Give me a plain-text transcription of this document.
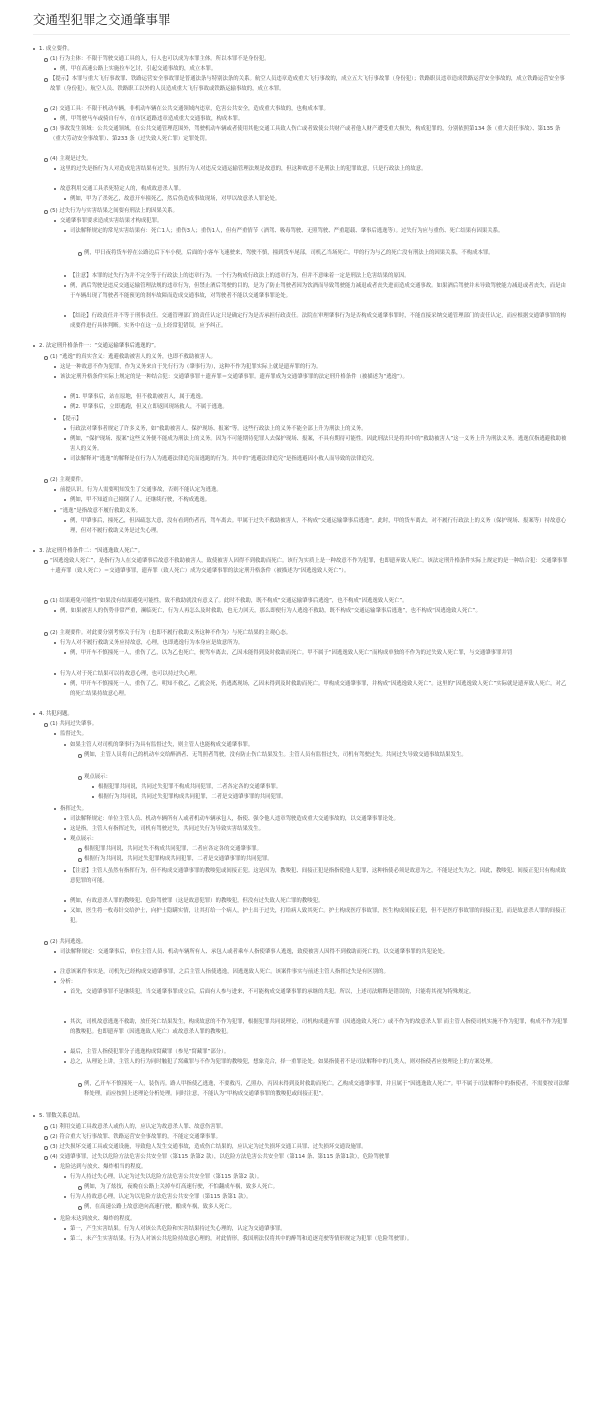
交通型犯罪之交通肇事罪
1. 成立要件。
(1) 行为主体：不限于驾驶交通工具的人，行人也可以成为本罪主体。所以本罪不是身份犯。
例，甲在高速公路上实施拉车乞讨，引起交通事故的，成立本罪。
【提示】本罪与重大飞行事故罪、铁路运营安全事故罪是普通法条与特别法条的关系。航空人员违章造成重大飞行事故的，成立五大飞行事故罪（身份犯）；铁路职员违章造成铁路运营安全事故的，成立铁路运营安全事故罪（身份犯）。航空人员、铁路职工以外的人员造成重大飞行事故或铁路运输事故的，成立本罪。
(2) 交通工具：不限于机动车辆，非机动车辆在公共交通领域内违章，危害公共安全，造成重大事故的，也构成本罪。
例，甲驾驶马车或骑自行车，在市区道路违章造成重大交通事故，构成本罪。
(3) 事故发生领域：公共交通领域。在公共交通管理范围外，驾驶机动车辆或者使用其他交通工具致人伤亡或者致使公共财产或者他人财产遭受重大损失，构成犯罪的，分别依照第134 条（重大责任事故）、第135 条（重大劳动安全事故罪）、第233 条（过失致人死亡罪）定罪处罚。
(4) 主观是过失。
这里的过失是指行为人对造成危害结果有过失。虽然行为人对违反交通运输管理法规是故意的，但这种故意不是刑法上的犯罪故意，只是行政法上的故意。
故意利用交通工具杀死特定人的，构成故意杀人罪。
例如，甲为了杀死乙，故意开车撞死乙，然后伪造成事故现场，对甲以故意杀人罪论处。
(5) 过失行为与实害结果之间要有刑法上的因果关系。
交通肇事罪要求造成实害结果才构成犯罪。
司法解释规定的常见实害结果有：死亡1人；重伤3人；重伤1人，但有严重情节（酒驾、吸毒驾驶、无照驾驶、严重超载、肇事后逃逸等）。过失行为应与重伤、死亡结果有因果关系。
例，甲日夜将货车停在公路边后下车小便，后面的小客车飞速驶来，驾驶不慎，撞到货车尾部，司机乙当场死亡。甲的行为与乙的死亡没有刑法上的因果关系，不构成本罪。
【注意】本罪的过失行为并不完全等于行政法上的违章行为。一个行为构成行政法上的违章行为，但并不意味着一定是刑法上危害结果的原因。
例，酒后驾驶是违反交通运输管理法规的违章行为，但禁止酒后驾驶的目的，是为了防止驾驶者因为饮酒而导致驾驶能力减退或者丧失进而造成交通事故。如果酒后驾驶并未导致驾驶能力减退或者丧失，而是由于车辆出现了驾驶者不能预见的刹车故障而造成交通事故，对驾驶者不能以交通肇事罪论处。
【结论】行政责任并不等于刑事责任。交通管理部门的责任认定只是确定行为是否承担行政责任。法院在审理肇事行为是否构成交通肇事罪时，不能直接采纳交通管理部门的责任认定，而应根据交通肇事罪的构成要件进行具体判断。实务中在这一点上经常犯错误，应予纠正。
2. 法定刑升格条件一：“交通运输肇事后逃逸的”。
(1) “逃逸”的真实含义：逃避救助被害人的义务，也即不救助被害人。
这是一种故意不作为犯罪，作为义务来自于先行行为（肇事行为），这种不作为犯罪实际上就是遗弃罪的行为。
该法定刑升格条件实际上规定的是一种结合犯：交通肇事罪＋遗弃罪＝交通肇事罪。遗弃罪成为交通肇事罪的法定刑升格条件（被描述为“逃逸”）。
例1. 甲肇事后，站在原地，但不救助被害人，属于逃逸。
例2. 甲肇事后，立即逃跑，但又立即返回现场救人，不属于逃逸。
【提示】
行政法对肇事者规定了许多义务，如“救助被害人、保护现场、报案”等。这些行政法上的义务不能全部上升为刑法上的义务。
例如，“保护现场、报案”这些义务便不能成为刑法上的义务。因为不可能期待犯罪人去保护现场、报案，不具有期待可能性。因此刑法只是将其中的“救助被害人”这一义务上升为刑法义务。逃逸仅指逃避救助被害人的义务。
司法解释对“逃逸”的解释是在行为人为逃避法律追究而逃跑的行为。其中的“逃避法律追究”是指逃避因小救人而导致的法律追究。
(2) 主观要件。
前提认识。行为人需要明知发生了交通事故，否则不能认定为逃逸。
例如，甲不知道自己撞倒了人，还继续行驶，不构成逃逸。
“逃逸”是指故意不履行救助义务。
例，甲肇事后，撞死乙，但因疏忽大意，没有看到伤者丙，驾车离去。甲属于过失不救助被害人，不构成“交通运输肇事后逃逸”。此时，甲的货车离去，对不履行行政法上的义务（保护现场、报案等）持故意心理，但对不履行救助义务是过失心理。
3. 法定刑升格条件二：“因逃逸致人死亡”。
“因逃逸致人死亡”，是指行为人在交通肇事后故意不救助被害人，致使被害人因得不到救助而死亡。该行为实质上是一种故意不作为犯罪，也即遗弃致人死亡。该法定刑升格条件实际上规定的是一种结合犯：交通肇事罪＋遗弃罪（致人死亡）＝交通肇事罪，遗弃罪（致人死亡）成为交通肇事罪的法定刑升格条件（被描述为“因逃逸致人死亡”）。
(1) 结果避免可能性“如果没有结果避免可能性，致不救助就没有意义了。此时不救助，既不构成“交通运输肇事后逃逸”，也不构成“因逃逸致人死亡”。
例，如果被害人的伤势非常严重，濒临死亡，行为人再怎么及时救助，也无力回天，那么即便行为人逃逸不救助，既不构成“交通运输肇事后逃逸”，也不构成“因逃逸致人死亡”。
(2) 主观要件。对此要分别考察关于行为（也即不履行救助义务这种不作为）与死亡结果的主观心态。
行为人对不履行救助义务应持故意，心理，也即逃逸行为本身应是故意所为。
例，甲开车不慎撞死一人，重伤了乙，以为乙也死亡，便驾车离去，乙因未能得到及时救助而死亡。甲不属于“因逃逸致人死亡”而构成单独的不作为的过失致人死亡罪，与交通肇事罪并罚
行为人对于死亡结果可以持故意心理，也可以持过失心理。
例，甲开车不慎撞死一人，重伤了乙，明知不救乙，乙就会死，仍逃离现场，乙因未得到及时救助而死亡。甲构成交通肇事罪，并构成“因逃逸致人死亡”。这里的“因逃逸致人死亡”实际就是遗弃致人死亡，对乙的死亡结果持故意心理。
4. 共犯问题。
(1) 共同过失肇事。
监督过失。
如果主管人对司机的肇事行为具有监督过失，则主管人也能构成交通肇事罪。
例如，主管人员将自己的机动车交给醉酒者、无驾照者驾驶，没有防止伤亡结果发生。主管人员有监督过失，司机有驾驶过失。共同过失导致交通事故结果发生。
观点展示：
根据犯罪共同说，共同过失犯罪不构成共同犯罪，二者各定各的交通肇事罪。
根据行为共同说，共同过失犯罪构成共同犯罪，二者是交通肇事罪的共同犯罪。
指挥过失。
司法解释规定：单位主管人员、机动车辆所有人或者机动车辆承包人，指使、强令他人违章驾驶造成重大交通事故的，以交通肇事罪论处。
这是指，主管人有指挥过失，司机有驾驶过失，共同过失行为导致实害结果发生。
观点展示：
根据犯罪共同说，共同过失不构成共同犯罪，二者应各定各的交通肇事罪。
根据行为共同说，共同过失犯罪构成共同犯罪，二者是交通肇事罪的共同犯罪。
【注意】主管人虽然有指挥行为，但不构成交通肇事罪的教唆犯或间接正犯。这是因为，教唆犯、间接正犯是指指使他人犯罪，这种指使必须是故意为之，不能是过失为之。因此，教唆犯、间接正犯只有构成故意犯罪的可能。
例如，有故意杀人罪的教唆犯、危险驾驶罪（这是故意犯罪）的教唆犯，但没有过失致人死亡罪的教唆犯。
又如，医生将一枚毒针交给护士，向护士隐瞒实情，让其打给一个病人，护士出于过失，打给病人致其死亡。护士构成医疗事故罪，医生构成间接正犯，但不是医疗事故罪的间接正犯，而是故意杀人罪的间接正犯。
(2) 共同逃逸。
司法解释规定：交通肇事后，单位主管人员、机动车辆所有人、承包人或者乘车人指使肇事人逃逸，致使被害人因得不到救助而死亡的，以交通肇事罪的共犯论处。
注意该案件事实是，司机先已经构成交通肇事罪，之后主管人指使逃逸，因逃逸致人死亡。该案件事实与前述主管人指挥过失是有区别的。
分析：
首先，交通肇事罪不是继续犯，当交通肇事罪成立后，后面有人参与进来，不可能构成交通肇事罪的承继的共犯。所以，上述司法解释是错误的，只能将其视为特殊规定。
其次，司机故意逃逸不救助，放任死亡结果发生，构成故意的不作为犯罪，根据犯罪共同说理论，司机构成遗弃罪（因逃逸致人死亡）或不作为的故意杀人罪 而主管人指使司机实施不作为犯罪，构成不作为犯罪的教唆犯。也即遗弃罪（因逃逸致人死亡）或故意杀人罪的教唆犯。
最后，主管人指使犯罪分子逃逸构成窝藏罪（参见“窝藏罪”部分）。
总之，从理论上讲，主管人的行为同时触犯了窝藏罪与不作为犯罪的教唆犯，想象竞合，择一重罪论处。如果指使者不是司法解释中的几类人，则对指使者应按理论上的方案处理。
例，乙开车不慎撞死一人，装伤丙。路人甲指使乙逃逸，不要救丙，乙照办，丙因未得到及时救助而死亡。乙构成交通肇事罪，并且属于“因逃逸致人死亡”。甲不属于司法解释中的指使者，不需要按司法解释处理，而应按照上述理论分析处理。同时注意，不能认为“甲构成交通肇事罪的教唆犯或间接正犯”。
5. 罪数关系总结。
(1) 利用交通工具故意杀人或伤人的，应认定为故意杀人罪、故意伤害罪。
(2) 符合重大飞行事故罪、铁路运营安全事故罪的，不能定交通肇事罪。
(3) 过失损坏交通工具或交通设施，导致他人发生交通事故，造成伤亡结果的，应认定为过失损坏交通工具罪、过失损坏交通设施罪。
(4) 交通肇事罪，过失以危险方法危害公共安全罪（第115 条第2 款），以危险方法危害公共安全罪（第114 条、第115 条第1款），危险驾驶罪
危险达到与放火、爆炸相当的程度。
行为人持过失心理，认定为过失以危险方法危害公共安全罪（第115 条第2 款）。
例如，为了炫技，夜晚在公路上关掉车灯高速行驶，不怕翻成车祸，致多人死亡。
行为人持故意心理，认定为以危险方法危害公共安全罪（第115 条第1 款）。
例，在高速公路上故意逆向高速行驶，酿成车祸，致多人死亡。
危险未达到放火、爆炸的程度。
第一，产生实害结果。行为人对该公共危险和实害结果持过失心理的，认定为交通肇事罪。
第二，未产生实害结果。行为人对该公共危险持故意心理的，对此情形，我国刑法仅将其中的醉驾和追逐竞驶等情形规定为犯罪（危险驾驶罪）。
